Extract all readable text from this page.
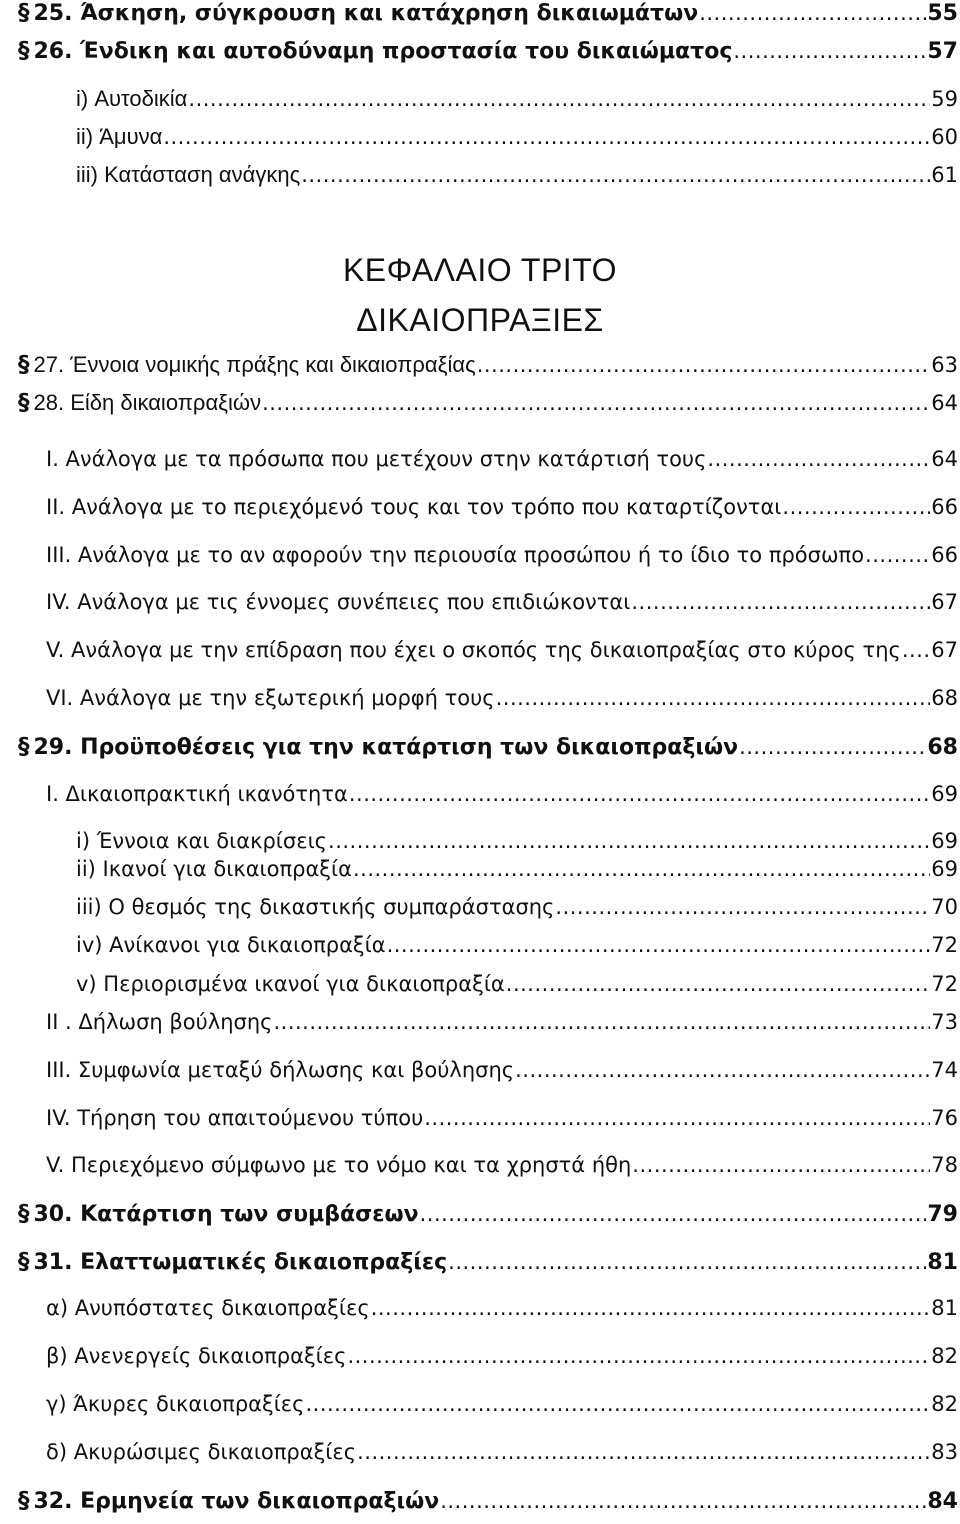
ΚΕΦΑΛΑΙΟ ΤΡΙΤΟ
ΔΙΚΑΙΟΠΡΑΞΙΕΣ
§ 25. Άσκηση, σύγκρουση και κατάχρηση δικαιωμάτων .....	55
§ 26. Ένδικη και αυτοδύναμη προστασία του δικαιώματος .....	57
i) Αυτοδικία .....	59
ii) Άμυνα .....	60
iii) Κατάσταση ανάγκης .....	61
§ 27. Έννοια νομικής πράξης και δικαιοπραξίας .....	63
§ 28. Είδη δικαιοπραξιών .....	64
Ι. Ανάλογα με τα πρόσωπα που μετέχουν στην κατάρτισή τους .....	64
ΙΙ. Ανάλογα με το περιεχόμενό τους και τον τρόπο που καταρτίζονται .....	66
ΙΙΙ. Ανάλογα με το αν αφορούν την περιουσία προσώπου ή το ίδιο το πρόσωπο .....	66
IV. Ανάλογα με τις έννομες συνέπειες που επιδιώκονται .....	67
V. Ανάλογα με την επίδραση που έχει ο σκοπός της δικαιοπραξίας στο κύρος της ..... 67
VI. Ανάλογα με την εξωτερική μορφή τους .....	68
§ 29. Προϋποθέσεις για την κατάρτιση των δικαιοπραξιών .....	68
Ι. Δικαιοπρακτική ικανότητα .....	69
i) Έννοια και διακρίσεις .....	69
ii) Ικανοί για δικαιοπραξία .....	69
iii) Ο θεσμός της δικαστικής συμπαράστασης .....	70
iv) Ανίκανοι για δικαιοπραξία .....	72
v) Περιορισμένα ικανοί για δικαιοπραξία .....	72
ΙΙ . Δήλωση βούλησης .....	73
ΙΙΙ. Συμφωνία μεταξύ δήλωσης και βούλησης .....	74
ΙV. Τήρηση του απαιτούμενου τύπου .....	76
V. Περιεχόμενο σύμφωνο με το νόμο και τα χρηστά ήθη .....	78
§ 30. Κατάρτιση των συμβάσεων .....	79
§ 31. Ελαττωματικές δικαιοπραξίες .....	81
α) Ανυπόστατες δικαιοπραξίες .....	81
β) Ανενεργείς δικαιοπραξίες .....	82
γ) Άκυρες δικαιοπραξίες .....	82
δ) Ακυρώσιμες δικαιοπραξίες .....	83
§ 32. Ερμηνεία των δικαιοπραξιών .....	84
